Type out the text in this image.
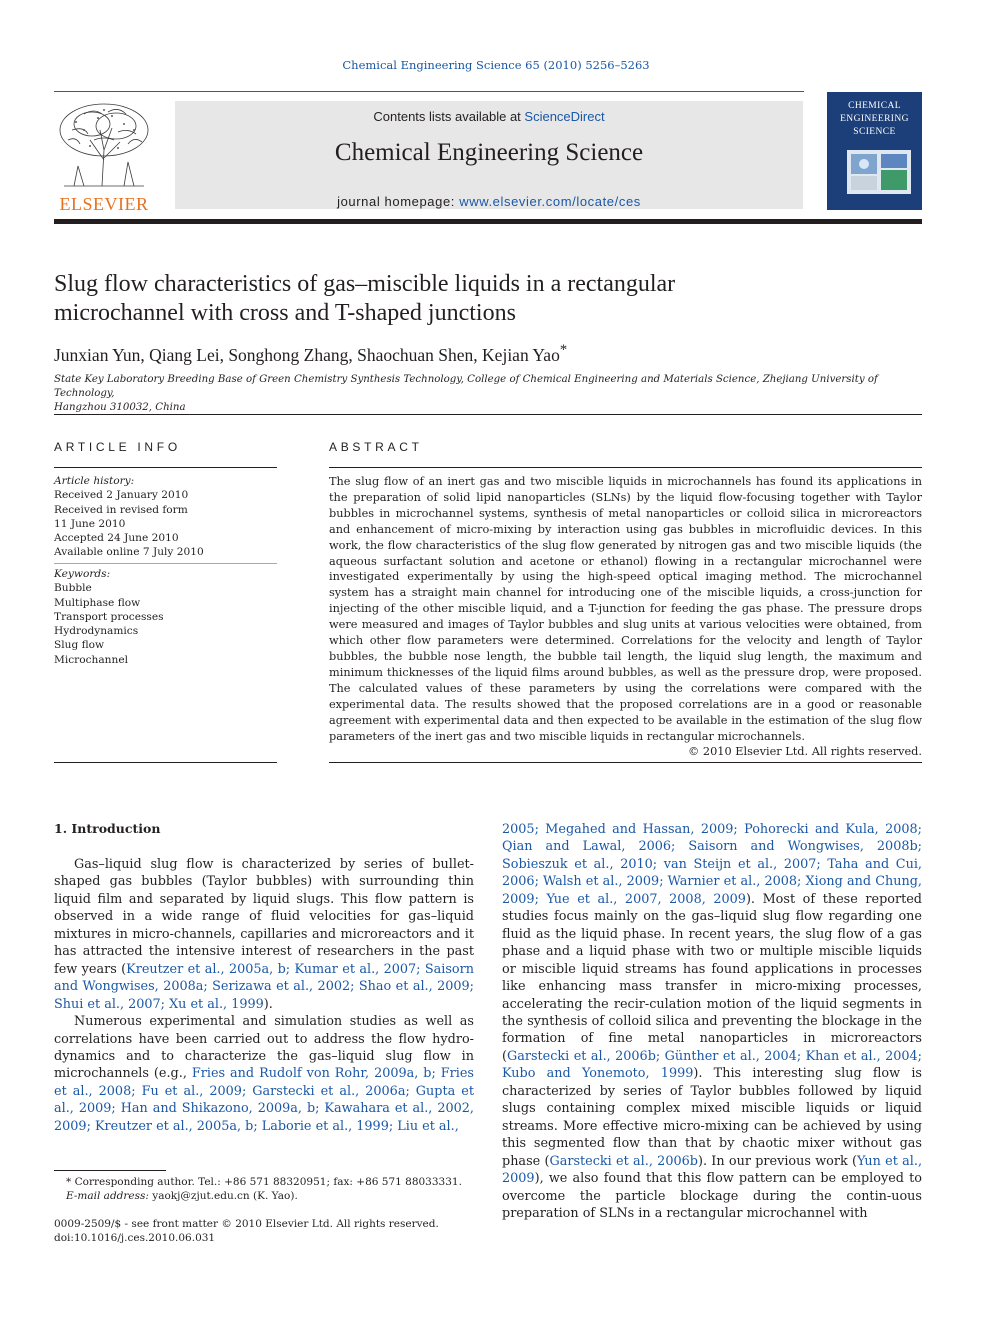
Chemical Engineering Science 65 (2010) 5256–5263
ELSEVIER
Contents lists available at ScienceDirect
Chemical Engineering Science
journal homepage: www.elsevier.com/locate/ces
CHEMICAL
ENGINEERING
SCIENCE
Slug flow characteristics of gas–miscible liquids in a rectangular
microchannel with cross and T-shaped junctions
Junxian Yun, Qiang Lei, Songhong Zhang, Shaochuan Shen, Kejian Yao*
State Key Laboratory Breeding Base of Green Chemistry Synthesis Technology, College of Chemical Engineering and Materials Science, Zhejiang University of Technology,
Hangzhou 310032, China
ARTICLE INFO
Article history:
Received 2 January 2010
Received in revised form
11 June 2010
Accepted 24 June 2010
Available online 7 July 2010
Keywords:
Bubble
Multiphase flow
Transport processes
Hydrodynamics
Slug flow
Microchannel
ABSTRACT

The slug flow of an inert gas and two miscible liquids in microchannels has found its applications in the preparation of solid lipid nanoparticles (SLNs) by the liquid flow-focusing together with Taylor bubbles in microchannel systems, synthesis of metal nanoparticles or colloid silica in microreactors and enhancement of micro-mixing by interaction using gas bubbles in microfluidic devices. In this work, the flow characteristics of the slug flow generated by nitrogen gas and two miscible liquids (the aqueous surfactant solution and acetone or ethanol) flowing in a rectangular microchannel were investigated experimentally by using the high-speed optical imaging method. The microchannel system has a straight main channel for introducing one of the miscible liquids, a cross-junction for injecting of the other miscible liquid, and a T-junction for feeding the gas phase. The pressure drops were measured and images of Taylor bubbles and slug units at various velocities were obtained, from which other flow parameters were determined. Correlations for the velocity and length of Taylor bubbles, the bubble nose length, the bubble tail length, the liquid slug length, the maximum and minimum thicknesses of the liquid films around bubbles, as well as the pressure drop, were proposed. The calculated values of these parameters by using the correlations were compared with the experimental data. The results showed that the proposed correlations are in a good or reasonable agreement with experimental data and then expected to be available in the estimation of the slug flow parameters of the inert gas and two miscible liquids in rectangular microchannels.

© 2010 Elsevier Ltd. All rights reserved.
1. Introduction

Gas–liquid slug flow is characterized by series of bullet-shaped gas bubbles (Taylor bubbles) with surrounding thin liquid film and separated by liquid slugs. This flow pattern is observed in a wide range of fluid velocities for gas–liquid mixtures in micro-channels, capillaries and microreactors and it has attracted the intensive interest of researchers in the past few years (Kreutzer et al., 2005a, b; Kumar et al., 2007; Saisorn and Wongwises, 2008a; Serizawa et al., 2002; Shao et al., 2009; Shui et al., 2007; Xu et al., 1999).

Numerous experimental and simulation studies as well as correlations have been carried out to address the flow hydro-dynamics and to characterize the gas–liquid slug flow in microchannels (e.g., Fries and Rudolf von Rohr, 2009a, b; Fries et al., 2008; Fu et al., 2009; Garstecki et al., 2006a; Gupta et al., 2009; Han and Shikazono, 2009a, b; Kawahara et al., 2002, 2009; Kreutzer et al., 2005a, b; Laborie et al., 1999; Liu et al.,

2005; Megahed and Hassan, 2009; Pohorecki and Kula, 2008; Qian and Lawal, 2006; Saisorn and Wongwises, 2008b; Sobieszuk et al., 2010; van Steijn et al., 2007; Taha and Cui, 2006; Walsh et al., 2009; Warnier et al., 2008; Xiong and Chung, 2009; Yue et al., 2007, 2008, 2009). Most of these reported studies focus mainly on the gas–liquid slug flow regarding one fluid as the liquid phase. In recent years, the slug flow of a gas phase and a liquid phase with two or multiple miscible liquids or miscible liquid streams has found applications in processes like enhancing mass transfer in micro-mixing processes, accelerating the recir-culation motion of the liquid segments in the synthesis of colloid silica and preventing the blockage in the formation of fine metal nanoparticles in microreactors (Garstecki et al., 2006b; Günther et al., 2004; Khan et al., 2004; Kubo and Yonemoto, 1999). This interesting slug flow is characterized by series of Taylor bubbles followed by liquid slugs containing complex mixed miscible liquids or liquid streams. More effective micro-mixing can be achieved by using this segmented flow than that by chaotic mixer without gas phase (Garstecki et al., 2006b). In our previous work (Yun et al., 2009), we also found that this flow pattern can be employed to overcome the particle blockage during the contin-uous preparation of SLNs in a rectangular microchannel with

* Corresponding author. Tel.: +86 571 88320951; fax: +86 571 88033331.
E-mail address: yaokj@zjut.edu.cn (K. Yao).
0009-2509/$ - see front matter © 2010 Elsevier Ltd. All rights reserved.
doi:10.1016/j.ces.2010.06.031
